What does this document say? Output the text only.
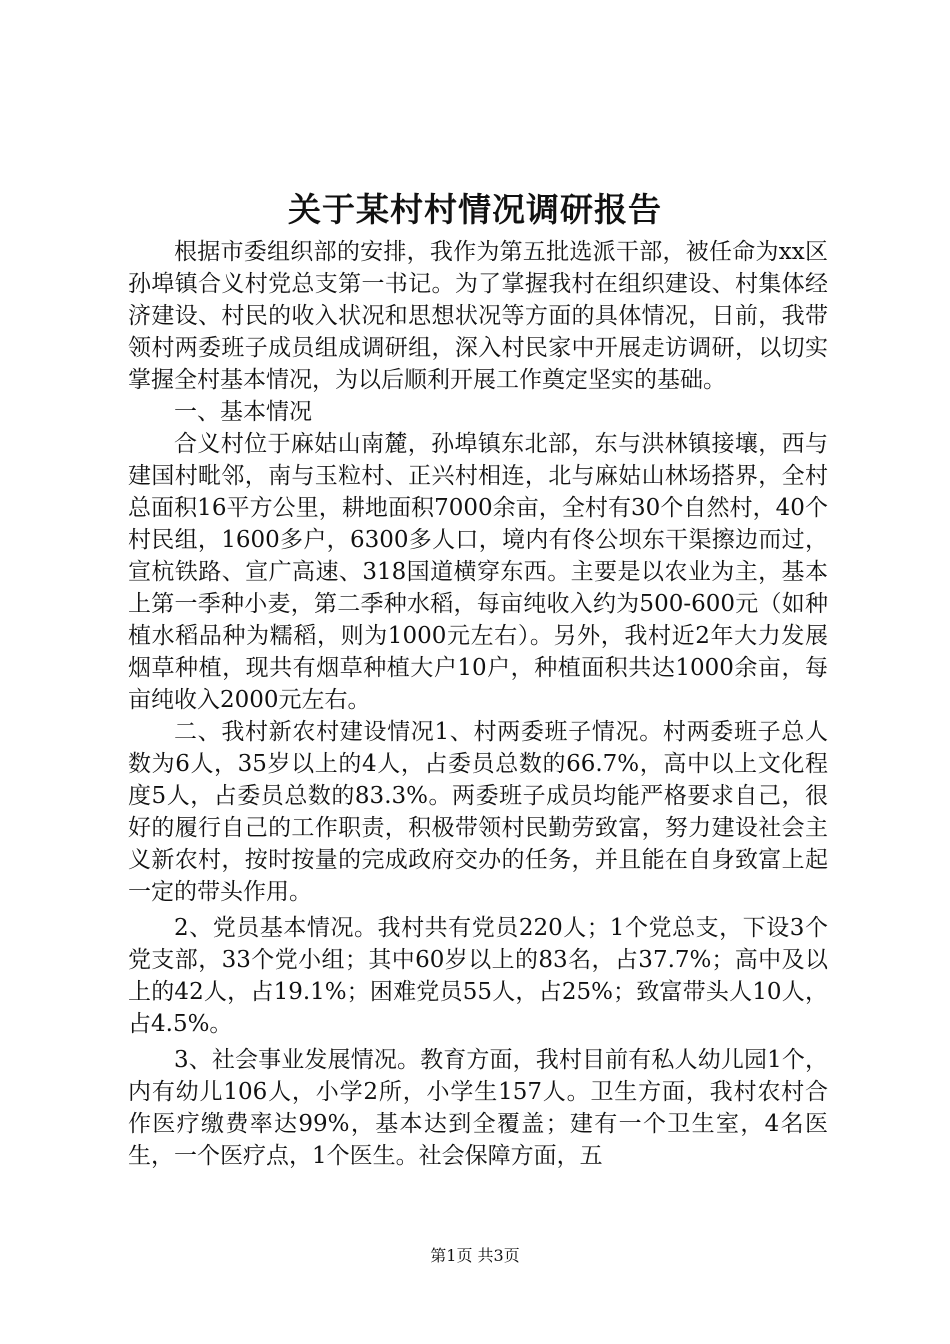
关于某村村情况调研报告

根据市委组织部的安排，我作为第五批选派干部，被任命为xx区孙埠镇合义村党总支第一书记。为了掌握我村在组织建设、村集体经济建设、村民的收入状况和思想状况等方面的具体情况，日前，我带领村两委班子成员组成调研组，深入村民家中开展走访调研，以切实掌握全村基本情况，为以后顺利开展工作奠定坚实的基础。

一、基本情况

合义村位于麻姑山南麓，孙埠镇东北部，东与洪林镇接壤，西与建国村毗邻，南与玉粒村、正兴村相连，北与麻姑山林场搭界，全村总面积16平方公里，耕地面积7000余亩，全村有30个自然村，40个村民组，1600多户，6300多人口，境内有佟公坝东干渠擦边而过，宣杭铁路、宣广高速、318国道横穿东西。主要是以农业为主，基本上第一季种小麦，第二季种水稻，每亩纯收入约为500-600元（如种植水稻品种为糯稻，则为1000元左右）。另外，我村近2年大力发展烟草种植，现共有烟草种植大户10户，种植面积共达1000余亩，每亩纯收入2000元左右。

二、我村新农村建设情况1、村两委班子情况。村两委班子总人数为6人，35岁以上的4人，占委员总数的66.7%，高中以上文化程度5人，占委员总数的83.3%。两委班子成员均能严格要求自己，很好的履行自己的工作职责，积极带领村民勤劳致富，努力建设社会主义新农村，按时按量的完成政府交办的任务，并且能在自身致富上起一定的带头作用。

2、党员基本情况。我村共有党员220人；1个党总支，下设3个党支部，33个党小组；其中60岁以上的83名，占37.7%；高中及以上的42人，占19.1%；困难党员55人，占25%；致富带头人10人，占4.5%。

3、社会事业发展情况。教育方面，我村目前有私人幼儿园1个，内有幼儿106人，小学2所，小学生157人。卫生方面，我村农村合作医疗缴费率达99%，基本达到全覆盖；建有一个卫生室，4名医生，一个医疗点，1个医生。社会保障方面，五

第1页 共3页
